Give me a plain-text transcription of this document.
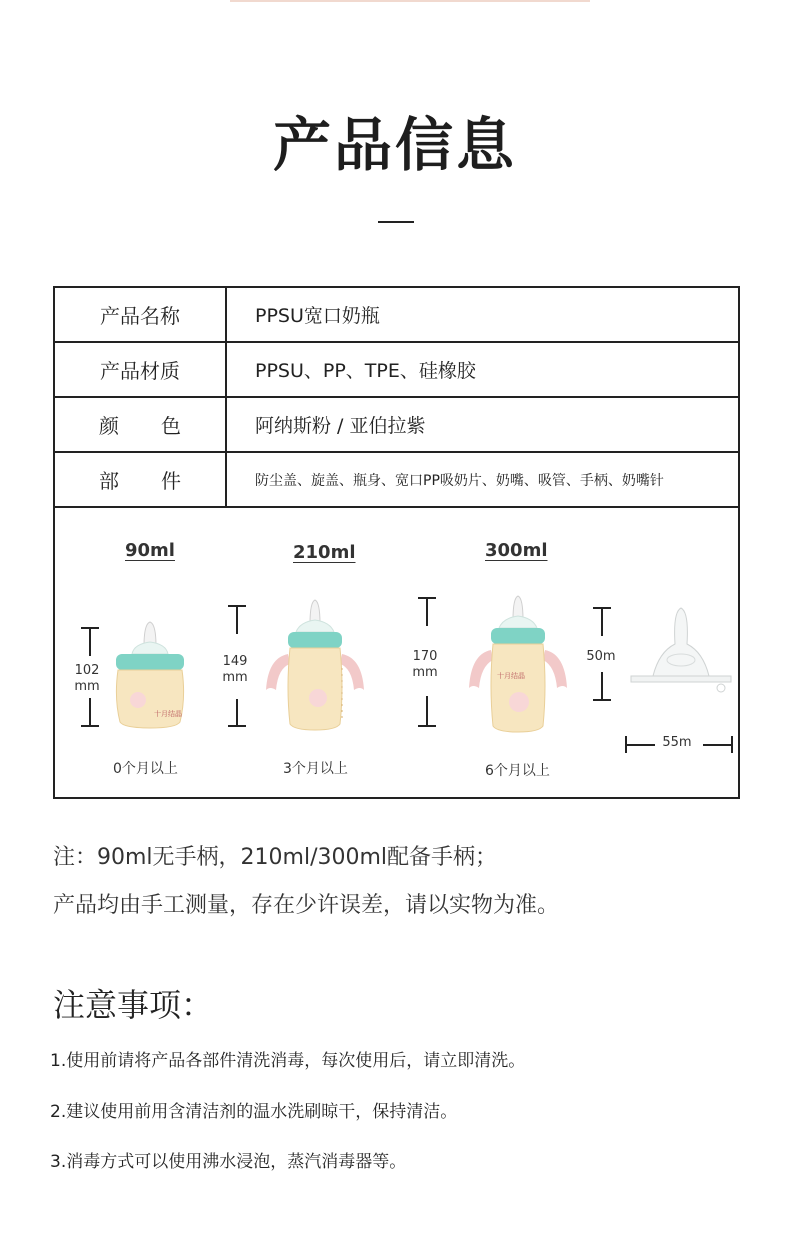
产品信息
产品名称	PPSU宽口奶瓶
产品材质	PPSU、PP、TPE、硅橡胶
颜色 阿纳斯粉 / 亚伯拉紫
部件 防尘盖、旋盖、瓶身、宽口PP吸奶片、奶嘴、吸管、手柄、奶嘴针
90ml	210ml	300ml
102
mm
149
mm
170
mm
50m
55m
0个月以上	3个月以上	6个月以上
十月结晶
十月结晶
注：90ml无手柄，210ml/300ml配备手柄；
产品均由手工测量，存在少许误差，请以实物为准。
注意事项：
1.使用前请将产品各部件清洗消毒，每次使用后，请立即清洗。
2.建议使用前用含清洁剂的温水洗刷晾干，保持清洁。
3.消毒方式可以使用沸水浸泡，蒸汽消毒器等。
